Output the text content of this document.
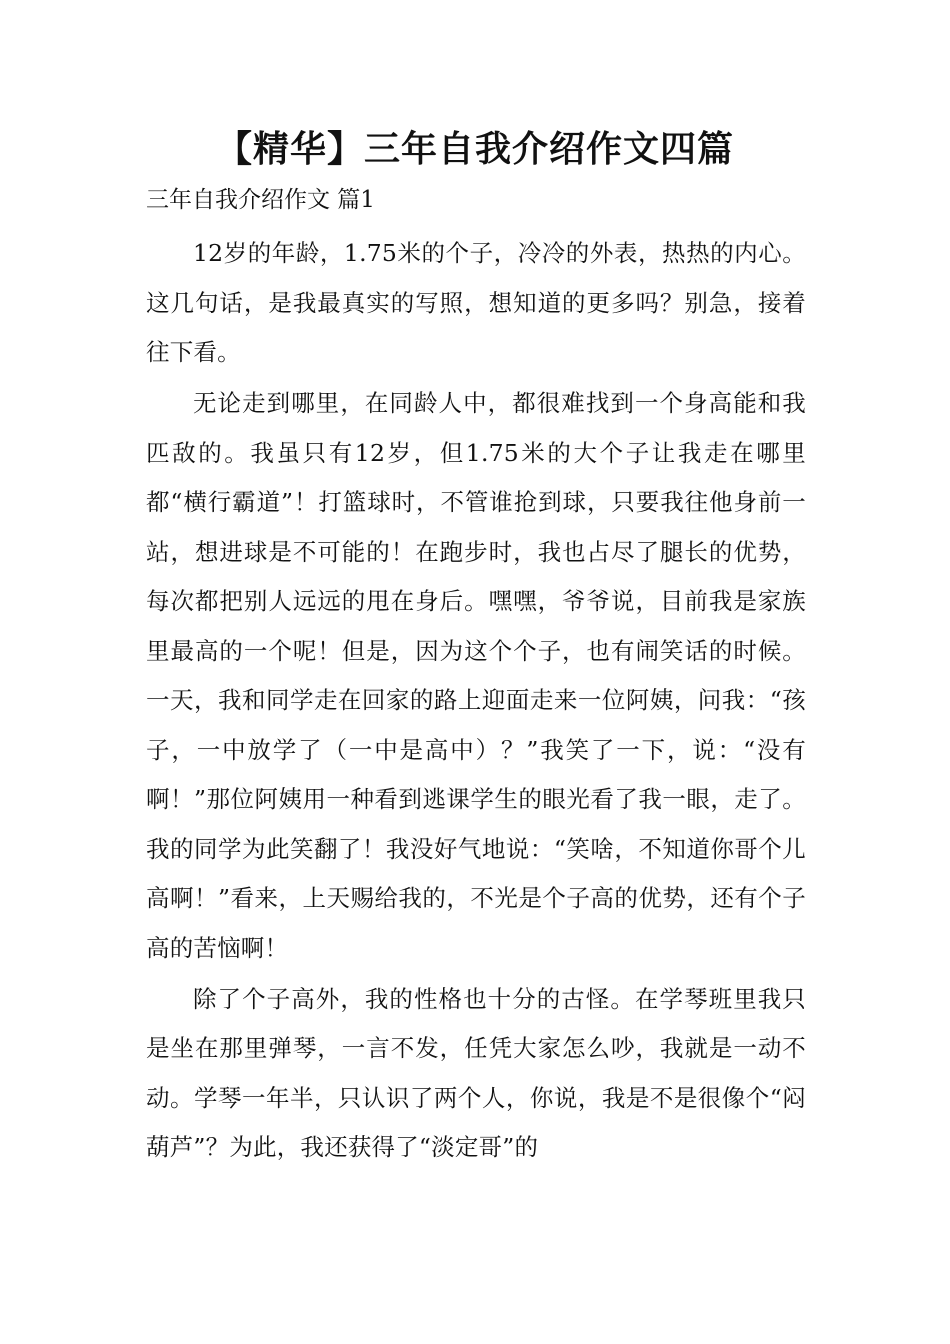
【精华】三年自我介绍作文四篇
三年自我介绍作文 篇1

12岁的年龄，1.75米的个子，冷冷的外表，热热的内心。这几句话，是我最真实的写照，想知道的更多吗？别急，接着往下看。

无论走到哪里，在同龄人中，都很难找到一个身高能和我匹敌的。我虽只有12岁，但1.75米的大个子让我走在哪里都“横行霸道”！打篮球时，不管谁抢到球，只要我往他身前一站，想进球是不可能的！在跑步时，我也占尽了腿长的优势，每次都把别人远远的甩在身后。嘿嘿，爷爷说，目前我是家族里最高的一个呢！但是，因为这个个子，也有闹笑话的时候。一天，我和同学走在回家的路上迎面走来一位阿姨，问我：“孩子，一中放学了（一中是高中）？”我笑了一下，说：“没有啊！”那位阿姨用一种看到逃课学生的眼光看了我一眼，走了。我的同学为此笑翻了！我没好气地说：“笑啥，不知道你哥个儿高啊！”看来，上天赐给我的，不光是个子高的优势，还有个子高的苦恼啊！

除了个子高外，我的性格也十分的古怪。在学琴班里我只是坐在那里弹琴，一言不发，任凭大家怎么吵，我就是一动不动。学琴一年半，只认识了两个人，你说，我是不是很像个“闷葫芦”？为此，我还获得了“淡定哥”的
